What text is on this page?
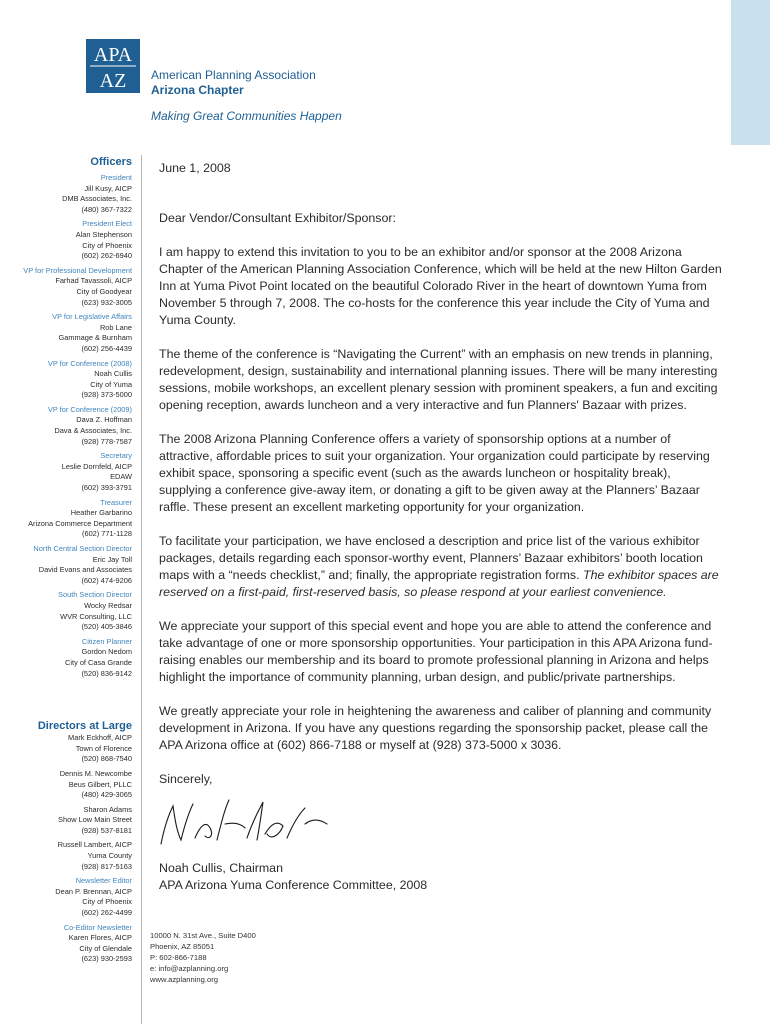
APA
AZ American Planning Association
Arizona Chapter
Making Great Communities Happen
Officers
President
Jill Kusy, AICP
DMB Associates, Inc.
(480) 367-7322
President Elect
Alan Stephenson
City of Phoenix
(602) 262-6940
VP for Professional Development
Farhad Tavassoli, AICP
City of Goodyear
(623) 932-3005
VP for Legislative Affairs
Rob Lane
Gammage & Burnham
(602) 256-4439
VP for Conference (2008)
Noah Cullis
City of Yuma
(928) 373-5000
VP for Conference (2009)
Dava Z. Hoffman
Dava & Associates, Inc.
(928) 778-7587
Secretary
Leslie Dornfeld, AICP
EDAW
(602) 393-3791
Treasurer
Heather Garbarino
Arizona Commerce Department
(602) 771-1128
North Central Section Director
Eric Jay Toll
David Evans and Associates
(602) 474-9206
South Section Director
Wocky Redsar
WVR Consulting, LLC
(520) 405-3846
Citizen Planner
Gordon Nedom
City of Casa Grande
(520) 836-9142
Directors at Large
Mark Eckhoff, AICP
Town of Florence
(520) 868-7540
Dennis M. Newcombe
Beus Gilbert, PLLC
(480) 429-3065
Sharon Adams
Show Low Main Street
(928) 537-8181
Russell Lambert, AICP
Yuma County
(928) 817-5163
Newsletter Editor
Dean P. Brennan, AICP
City of Phoenix
(602) 262-4499
Co-Editor Newsletter
Karen Flores, AICP
City of Glendale
(623) 930-2593

June 1, 2008

Dear Vendor/Consultant Exhibitor/Sponsor:

I am happy to extend this invitation to you to be an exhibitor and/or sponsor at the 2008 Arizona Chapter of the American Planning Association Conference, which will be held at the new Hilton Garden Inn at Yuma Pivot Point located on the beautiful Colorado River in the heart of downtown Yuma from November 5 through 7, 2008. The co-hosts for the conference this year include the City of Yuma and Yuma County.

The theme of the conference is “Navigating the Current” with an emphasis on new trends in planning, redevelopment, design, sustainability and international planning issues. There will be many interesting sessions, mobile workshops, an excellent plenary session with prominent speakers, a fun and exciting opening reception, awards luncheon and a very interactive and fun Planners' Bazaar with prizes.

The 2008 Arizona Planning Conference offers a variety of sponsorship options at a number of attractive, affordable prices to suit your organization. Your organization could participate by reserving exhibit space, sponsoring a specific event (such as the awards luncheon or hospitality break), supplying a conference give-away item, or donating a gift to be given away at the Planners’ Bazaar raffle. These present an excellent marketing opportunity for your organization.

To facilitate your participation, we have enclosed a description and price list of the various exhibitor packages, details regarding each sponsor-worthy event, Planners’ Bazaar exhibitors’ booth location maps with a “needs checklist,” and; finally, the appropriate registration forms. The exhibitor spaces are reserved on a first-paid, first-reserved basis, so please respond at your earliest convenience.

We appreciate your support of this special event and hope you are able to attend the conference and take advantage of one or more sponsorship opportunities. Your participation in this APA Arizona fund-raising enables our membership and its board to promote professional planning in Arizona and helps highlight the importance of community planning, urban design, and public/private partnerships.

We greatly appreciate your role in heightening the awareness and caliber of planning and community development in Arizona. If you have any questions regarding the sponsorship packet, please call the APA Arizona office at (602) 866-7188 or myself at (928) 373-5000 x 3036.

Sincerely,

Noah Cullis, Chairman

APA Arizona Yuma Conference Committee, 2008

10000 N. 31st Ave., Suite D400
Phoenix, AZ 85051
P: 602-866-7188
e: info@azplanning.org
www.azplanning.org
